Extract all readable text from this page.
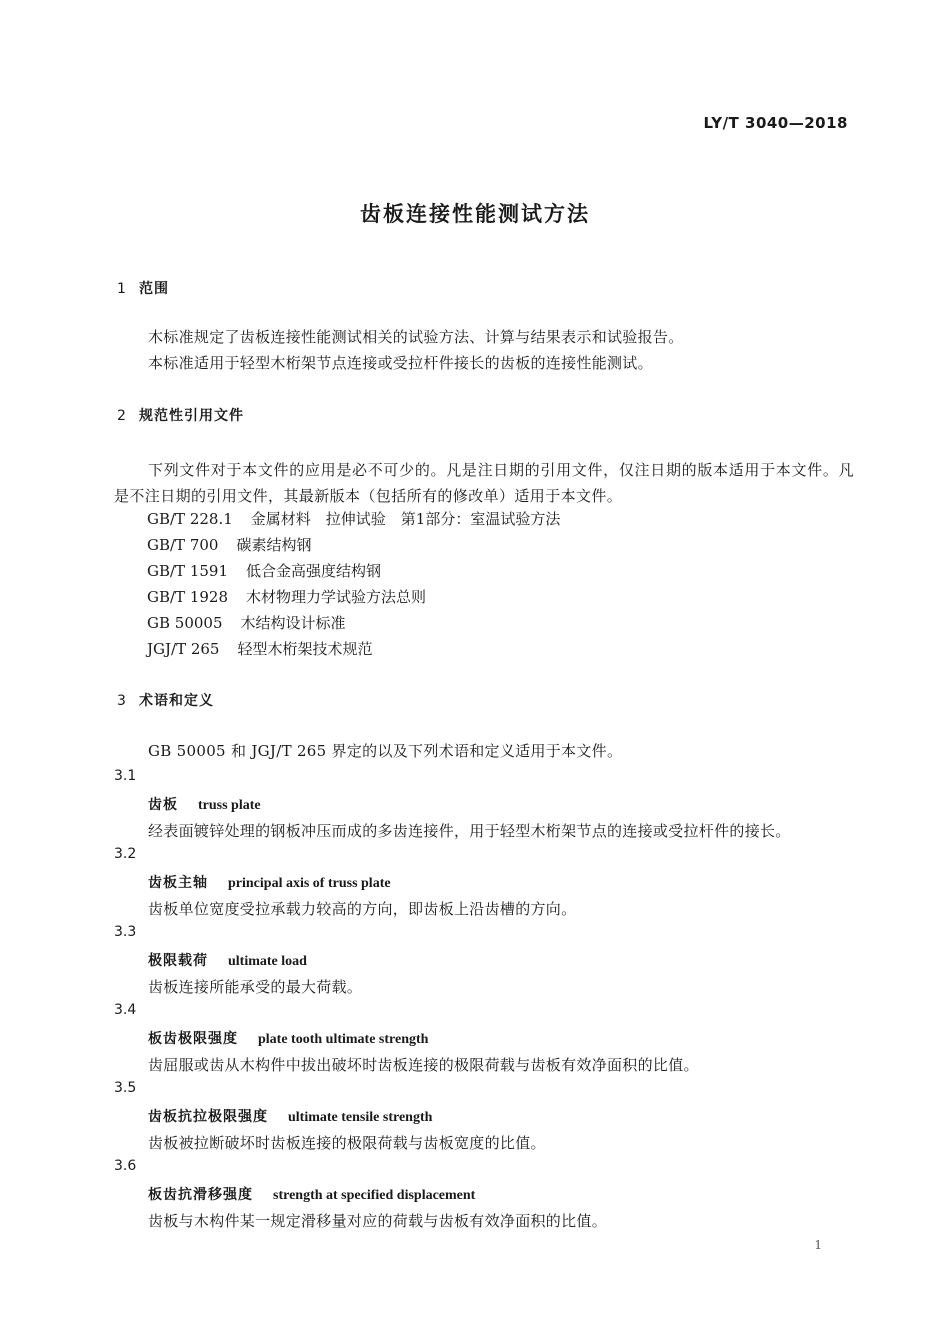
LY/T 3040—2018
齿板连接性能测试方法
1 范围
木标准规定了齿板连接性能测试相关的试验方法、计算与结果表示和试验报告。
本标准适用于轻型木桁架节点连接或受拉杆件接长的齿板的连接性能测试。
2 规范性引用文件
下列文件对于本文件的应用是必不可少的。凡是注日期的引用文件，仅注日期的版本适用于本文件。凡是不注日期的引用文件，其最新版本（包括所有的修改单）适用于本文件。
GB/T 228.1 金属材料　拉伸试验　第1部分：室温试验方法
GB/T 700 碳素结构钢
GB/T 1591 低合金高强度结构钢
GB/T 1928 木材物理力学试验方法总则
GB 50005 木结构设计标准
JGJ/T 265 轻型木桁架技术规范
3 术语和定义
GB 50005 和 JGJ/T 265 界定的以及下列术语和定义适用于本文件。
3.1
齿板 truss plate
经表面镀锌处理的钢板冲压而成的多齿连接件，用于轻型木桁架节点的连接或受拉杆件的接长。
3.2
齿板主轴 principal axis of truss plate
齿板单位宽度受拉承载力较高的方向，即齿板上沿齿槽的方向。
3.3
极限载荷 ultimate load
齿板连接所能承受的最大荷载。
3.4
板齿极限强度 plate tooth ultimate strength
齿屈服或齿从木构件中拔出破坏时齿板连接的极限荷载与齿板有效净面积的比值。
3.5
齿板抗拉极限强度 ultimate tensile strength
齿板被拉断破坏时齿板连接的极限荷载与齿板宽度的比值。
3.6
板齿抗滑移强度 strength at specified displacement
齿板与木构件某一规定滑移量对应的荷载与齿板有效净面积的比值。
1
